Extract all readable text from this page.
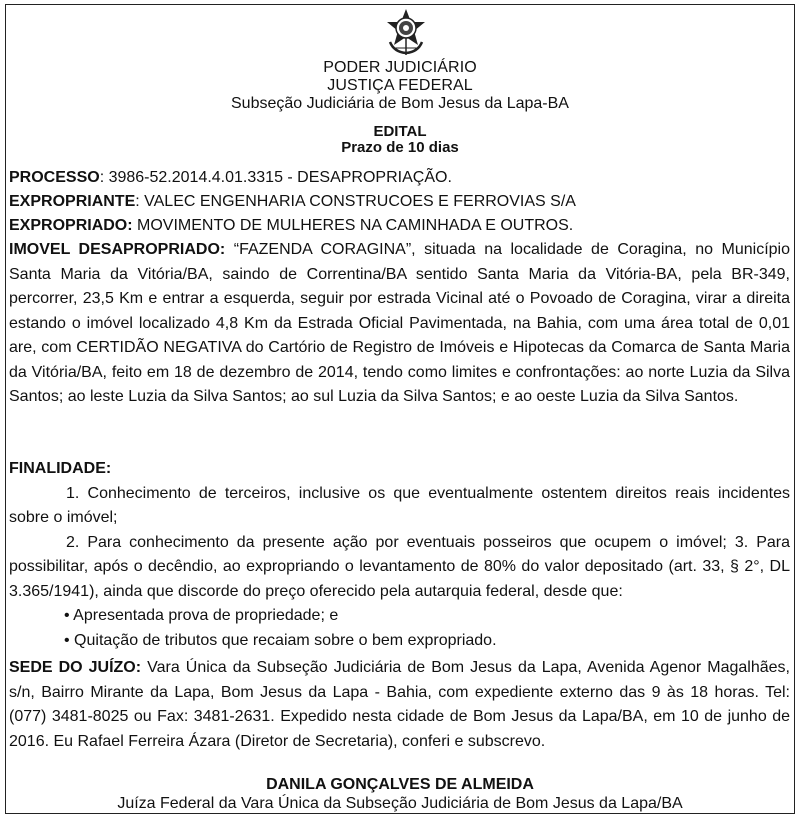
PODER JUDICIÁRIO
JUSTIÇA FEDERAL
Subseção Judiciária de Bom Jesus da Lapa-BA
EDITAL
Prazo de 10 dias
PROCESSO: 3986-52.2014.4.01.3315 - DESAPROPRIAÇÃO.
EXPROPRIANTE: VALEC ENGENHARIA CONSTRUCOES E FERROVIAS S/A
EXPROPRIADO: MOVIMENTO DE MULHERES NA CAMINHADA E OUTROS.
IMOVEL DESAPROPRIADO: “FAZENDA CORAGINA”, situada na localidade de Coragina, no Município Santa Maria da Vitória/BA, saindo de Correntina/BA sentido Santa Maria da Vitória-BA, pela BR-349, percorrer, 23,5 Km e entrar a esquerda, seguir por estrada Vicinal até o Povoado de Coragina, virar a direita estando o imóvel localizado 4,8 Km da Estrada Oficial Pavimentada, na Bahia, com uma área total de 0,01 are, com CERTIDÃO NEGATIVA do Cartório de Registro de Imóveis e Hipotecas da Comarca de Santa Maria da Vitória/BA, feito em 18 de dezembro de 2014, tendo como limites e confrontações: ao norte Luzia da Silva Santos; ao leste Luzia da Silva Santos; ao sul Luzia da Silva Santos; e ao oeste Luzia da Silva Santos.
FINALIDADE:
1. Conhecimento de terceiros, inclusive os que eventualmente ostentem direitos reais incidentes sobre o imóvel;
2. Para conhecimento da presente ação por eventuais posseiros que ocupem o imóvel; 3. Para possibilitar, após o decêndio, ao expropriando o levantamento de 80% do valor depositado (art. 33, § 2°, DL 3.365/1941), ainda que discorde do preço oferecido pela autarquia federal, desde que:
• Apresentada prova de propriedade; e
• Quitação de tributos que recaiam sobre o bem expropriado.
SEDE DO JUÍZO: Vara Única da Subseção Judiciária de Bom Jesus da Lapa, Avenida Agenor Magalhães, s/n, Bairro Mirante da Lapa, Bom Jesus da Lapa - Bahia, com expediente externo das 9 às 18 horas. Tel: (077) 3481-8025 ou Fax: 3481-2631. Expedido nesta cidade de Bom Jesus da Lapa/BA, em 10 de junho de 2016. Eu Rafael Ferreira Ázara (Diretor de Secretaria), conferi e subscrevo.
DANILA GONÇALVES DE ALMEIDA
Juíza Federal da Vara Única da Subseção Judiciária de Bom Jesus da Lapa/BA
